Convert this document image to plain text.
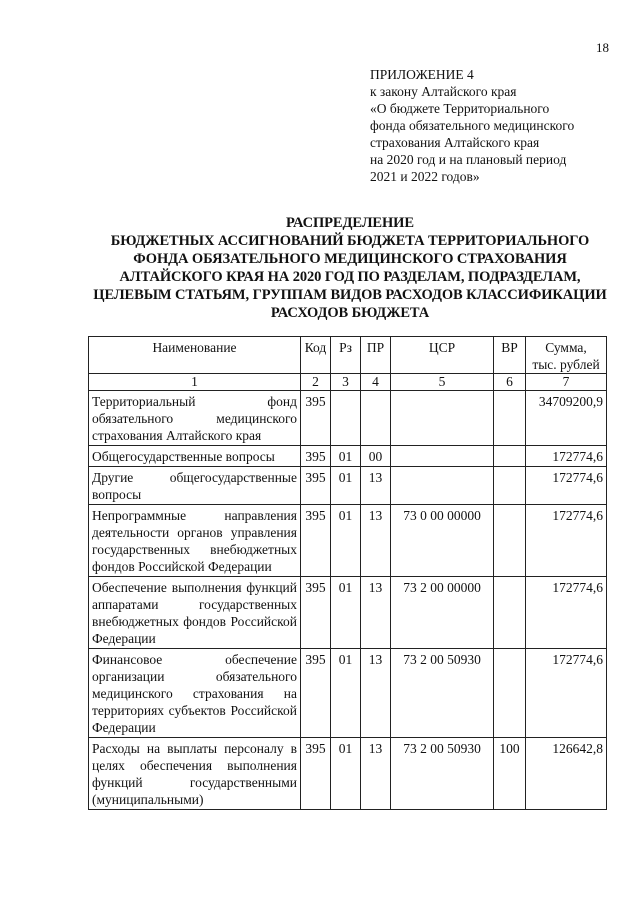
18
ПРИЛОЖЕНИЕ 4
к закону Алтайского края
«О бюджете Территориального
фонда обязательного медицинского
страхования Алтайского края
на 2020 год и на плановый период
2021 и 2022 годов»
РАСПРЕДЕЛЕНИЕ
БЮДЖЕТНЫХ АССИГНОВАНИЙ БЮДЖЕТА ТЕРРИТОРИАЛЬНОГО
ФОНДА ОБЯЗАТЕЛЬНОГО МЕДИЦИНСКОГО СТРАХОВАНИЯ
АЛТАЙСКОГО КРАЯ НА 2020 ГОД ПО РАЗДЕЛАМ, ПОДРАЗДЕЛАМ,
ЦЕЛЕВЫМ СТАТЬЯМ, ГРУППАМ ВИДОВ РАСХОДОВ КЛАССИФИКАЦИИ
РАСХОДОВ БЮДЖЕТА
Наименование	Код	Рз	ПР	ЦСР	ВР	Сумма,
тыс. рублей

1	2	3	4	5	6	7
Территориальный фонд обязательного медицинского страхования Алтайского края	395					34709200,9
Общегосударственные вопросы	395	01	00			172774,6
Другие общегосударственные вопросы	395	01	13			172774,6
Непрограммные направления деятельности органов управления государственных внебюджетных фондов Российской Федерации	395	01	13	73 0 00 00000		172774,6
Обеспечение выполнения функций аппаратами государственных внебюджетных фондов Российской Федерации	395	01	13	73 2 00 00000		172774,6
Финансовое обеспечение организации обязательного медицинского страхования на территориях субъектов Российской Федерации	395	01	13	73 2 00 50930		172774,6
Расходы на выплаты персоналу в целях обеспечения выполнения функций государственными (муниципальными)	395	01	13	73 2 00 50930	100	126642,8
